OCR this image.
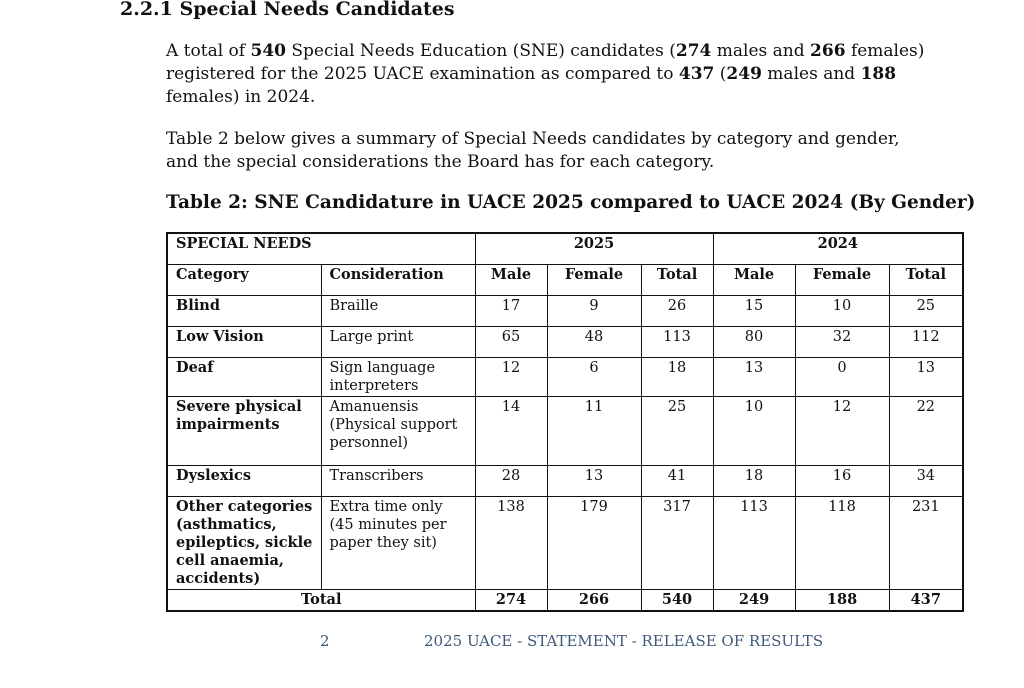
2.2.1 Special Needs Candidates

A total of 540 Special Needs Education (SNE) candidates (274 males and 266 females) registered for the 2025 UACE examination as compared to 437 (249 males and 188 females) in 2024.

Table 2 below gives a summary of Special Needs candidates by category and gender, and the special considerations the Board has for each category.

Table 2: SNE Candidature in UACE 2025 compared to UACE 2024 (By Gender)

SPECIAL NEEDS		2025			2024		
Category	Consideration	Male	Female	Total	Male	Female	Total
Blind	Braille	17	9	26	15	10	25
Low Vision	Large print	65	48	113	80	32	112
Deaf	Sign language interpreters	12	6	18	13	0	13
Severe physical impairments	Amanuensis (Physical support personnel)	14	11	25	10	12	22
Dyslexics	Transcribers	28	13	41	18	16	34
Other categories (asthmatics, epileptics, sickle cell anaemia, accidents)	Extra time only (45 minutes per paper they sit)	138	179	317	113	118	231
Total		274	266	540	249	188	437
2	2025 UACE - STATEMENT - RELEASE OF RESULTS
